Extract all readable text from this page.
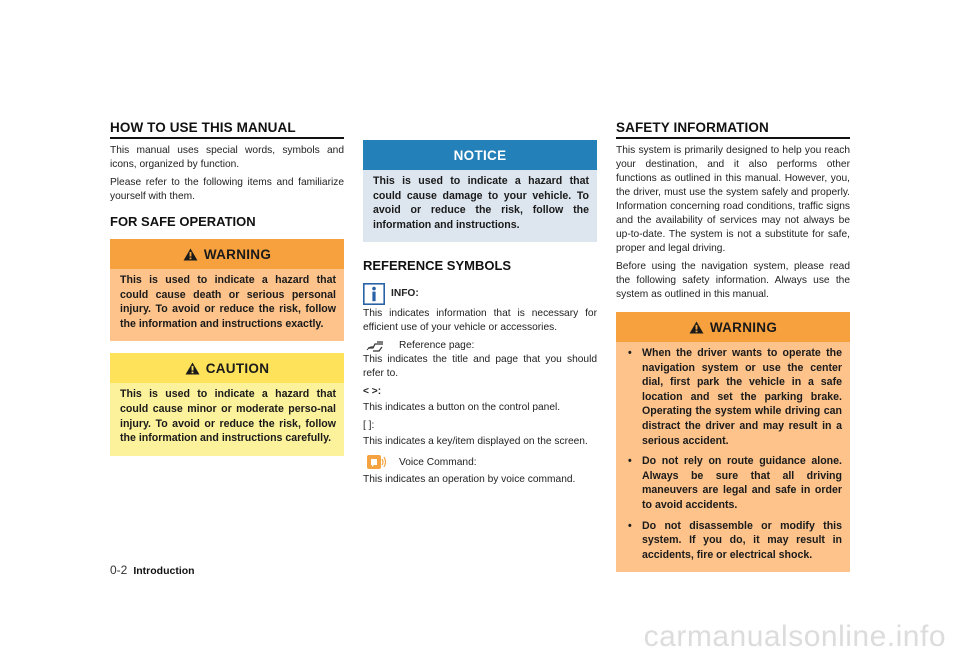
HOW TO USE THIS MANUAL

This manual uses special words, symbols and icons, organized by function.

Please refer to the following items and familiarize yourself with them.

FOR SAFE OPERATION
WARNING
This is used to indicate a hazard that could cause death or serious personal injury. To avoid or reduce the risk, follow the information and instructions exactly.
CAUTION
This is used to indicate a hazard that could cause minor or moderate perso-nal injury. To avoid or reduce the risk, follow the information and instructions carefully.
NOTICE
This is used to indicate a hazard that could cause damage to your vehicle. To avoid or reduce the risk, follow the information and instructions.
REFERENCE SYMBOLS
INFO:

This indicates information that is necessary for efficient use of your vehicle or accessories.

Reference page:

This indicates the title and page that you should refer to.

< >:

This indicates a button on the control panel.

[ ]:

This indicates a key/item displayed on the screen.

Voice Command:

This indicates an operation by voice command.

SAFETY INFORMATION

This system is primarily designed to help you reach your destination, and it also performs other functions as outlined in this manual. However, you, the driver, must use the system safely and properly. Information concerning road conditions, traffic signs and the availability of services may not always be up-to-date. The system is not a substitute for safe, proper and legal driving.

Before using the navigation system, please read the following safety information. Always use the system as outlined in this manual.

WARNING
• When the driver wants to operate the navigation system or use the center dial, first park the vehicle in a safe location and set the parking brake. Operating the system while driving can distract the driver and may result in a serious accident.
• Do not rely on route guidance alone. Always be sure that all driving maneuvers are legal and safe in order to avoid accidents.
• Do not disassemble or modify this system. If you do, it may result in accidents, fire or electrical shock.
0-2 Introduction
carmanualsonline.info
